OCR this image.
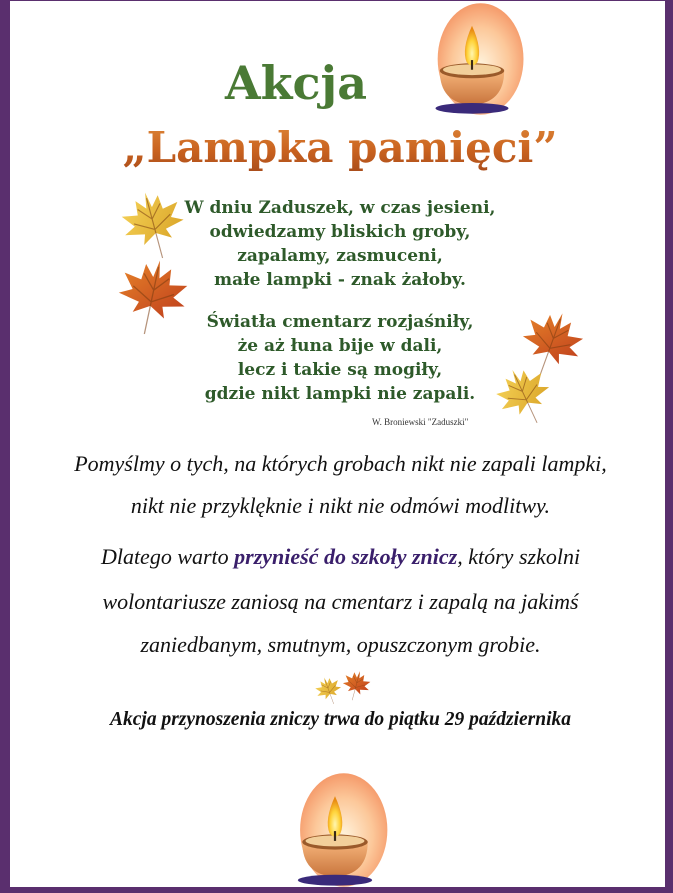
Akcja
„Lampka pamięci”
W dniu Zaduszek, w czas jesieni,
odwiedzamy bliskich groby,
zapalamy, zasmuceni,
małe lampki - znak żałoby.
Światła cmentarz rozjaśniły,
że aż łuna bije w dali,
lecz i takie są mogiły,
gdzie nikt lampki nie zapali.
W. Broniewski "Zaduszki"
Pomyślmy o tych, na których grobach nikt nie zapali lampki,
nikt nie przyklęknie i nikt nie odmówi modlitwy.
Dlatego warto przynieść do szkoły znicz, który szkolni
wolontariusze zaniosą na cmentarz i zapalą na jakimś
zaniedbanym, smutnym, opuszczonym grobie.
Akcja przynoszenia zniczy trwa do piątku 29 października
